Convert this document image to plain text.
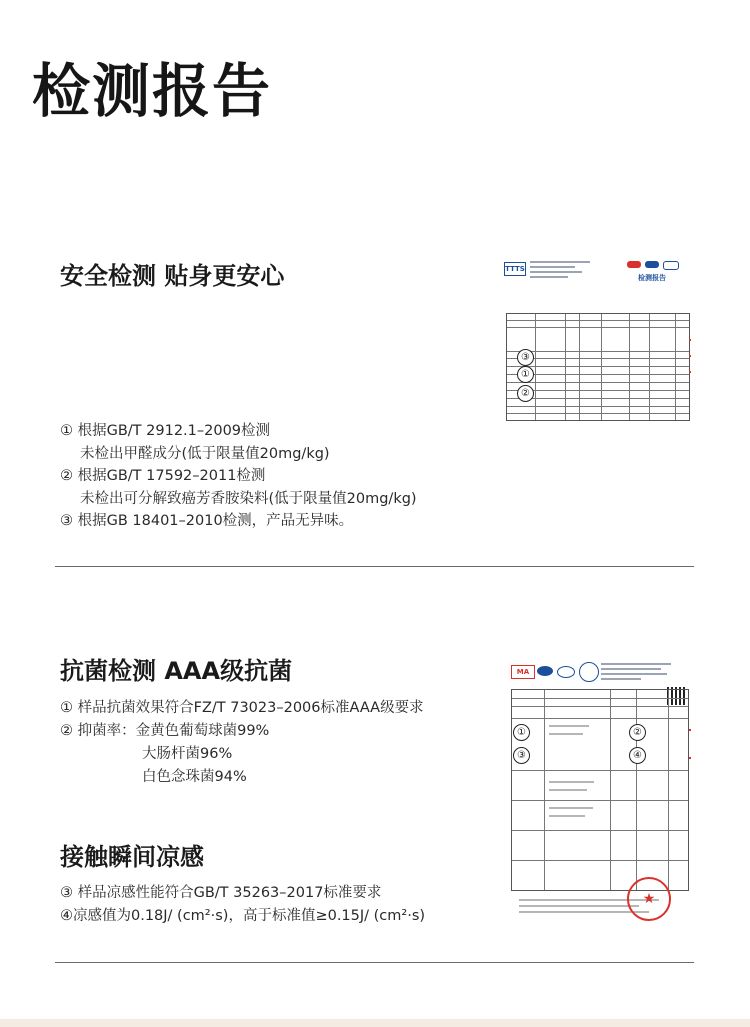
检测报告
安全检测 贴身更安心	TTTS
检测报告
③
①
②
① 根据GB/T 2912.1–2009检测
未检出甲醛成分(低于限量值20mg/kg)
② 根据GB/T 17592–2011检测
未检出可分解致癌芳香胺染料(低于限量值20mg/kg)
③ 根据GB 18401–2010检测，产品无异味。
抗菌检测 AAA级抗菌	MA
①
③
②
④
★
① 样品抗菌效果符合FZ/T 73023–2006标准AAA级要求
② 抑菌率：金黄色葡萄球菌99%
大肠杆菌96%
白色念珠菌94%
接触瞬间凉感
③ 样品凉感性能符合GB/T 35263–2017标准要求
④凉感值为0.18J/ (cm²·s)，高于标准值≥0.15J/ (cm²·s)
